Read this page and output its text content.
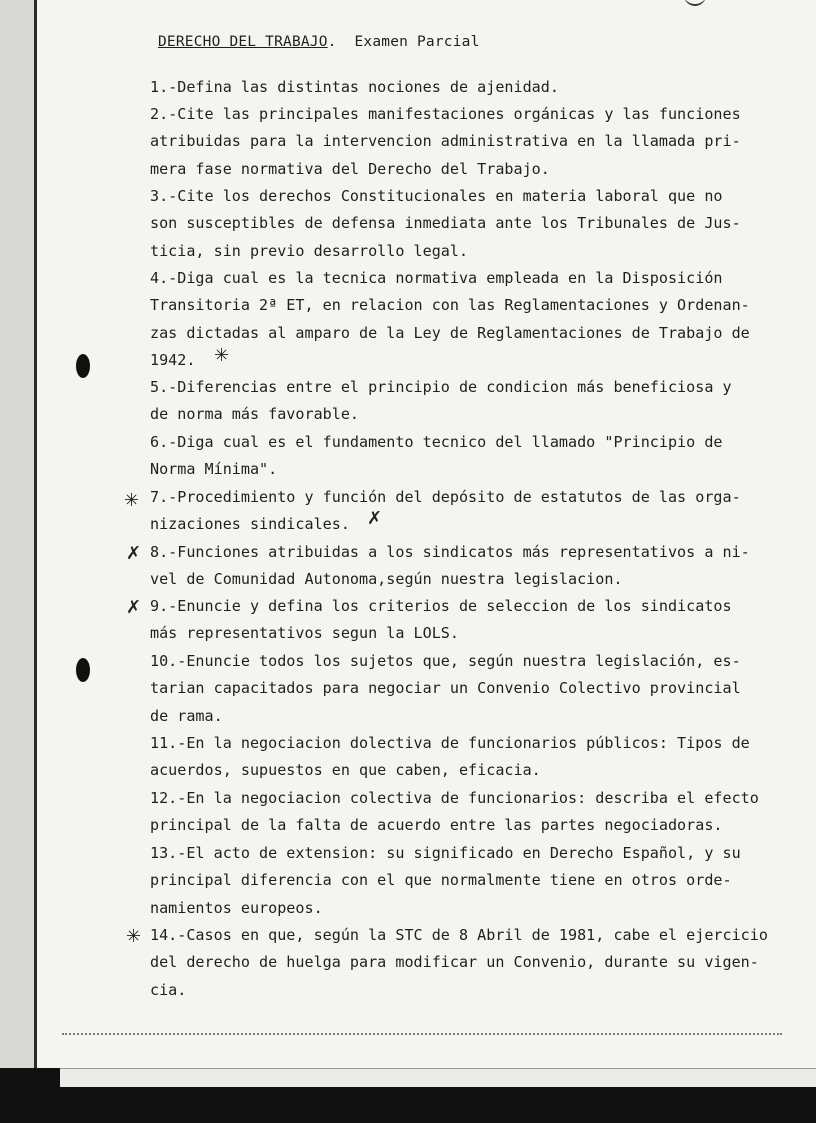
DERECHO DEL TRABAJO. Examen Parcial
1.-Defina las distintas nociones de ajenidad.
2.-Cite las principales manifestaciones orgánicas y las funciones
atribuidas para la intervencion administrativa en la llamada pri-
mera fase normativa del Derecho del Trabajo.
3.-Cite los derechos Constitucionales en materia laboral que no
son susceptibles de defensa inmediata ante los Tribunales de Jus-
ticia, sin previo desarrollo legal.
4.-Diga cual es la tecnica normativa empleada en la Disposición
Transitoria 2ª ET, en relacion con las Reglamentaciones y Ordenan-
zas dictadas al amparo de la Ley de Reglamentaciones de Trabajo de
1942.
5.-Diferencias entre el principio de condicion más beneficiosa y
de norma más favorable.
6.-Diga cual es el fundamento tecnico del llamado "Principio de
Norma Mínima".
7.-Procedimiento y función del depósito de estatutos de las orga-
nizaciones sindicales.
8.-Funciones atribuidas a los sindicatos más representativos a ni-
vel de Comunidad Autonoma,según nuestra legislacion.
9.-Enuncie y defina los criterios de seleccion de los sindicatos
más representativos segun la LOLS.
10.-Enuncie todos los sujetos que, según nuestra legislación, es-
tarian capacitados para negociar un Convenio Colectivo provincial
de rama.
11.-En la negociacion dolectiva de funcionarios públicos: Tipos de
acuerdos, supuestos en que caben, eficacia.
12.-En la negociacion colectiva de funcionarios: describa el efecto
principal de la falta de acuerdo entre las partes negociadoras.
13.-El acto de extension: su significado en Derecho Español, y su
principal diferencia con el que normalmente tiene en otros orde-
namientos europeos.
14.-Casos en que, según la STC de 8 Abril de 1981, cabe el ejercicio
del derecho de huelga para modificar un Convenio, durante su vigen-
cia.
✳
✳
✗
✗
✗
✳
